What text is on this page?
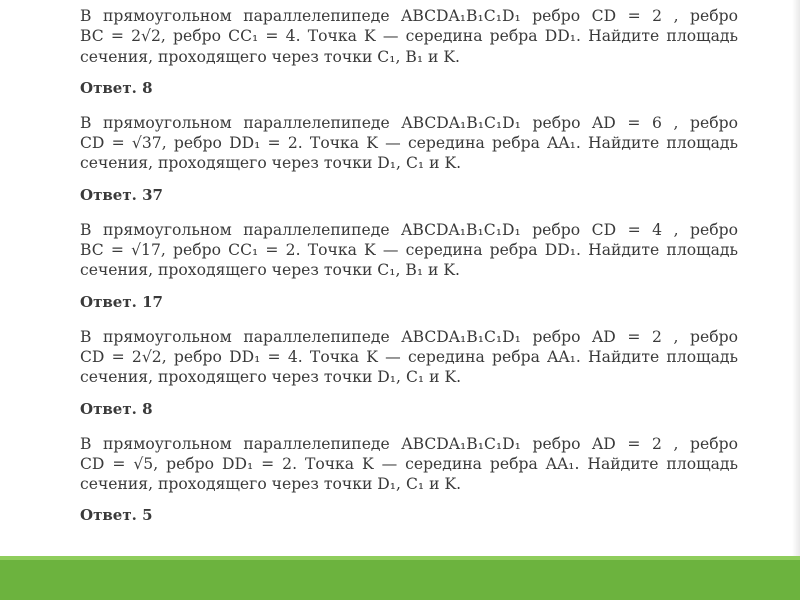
В прямоугольном параллелепипеде ABCDA₁B₁C₁D₁ ребро CD = 2 , ребро
BC = 2√2, ребро CC₁ = 4. Точка K — середина ребра DD₁. Найдите площадь
сечения, проходящего через точки C₁, B₁ и K.

Ответ. 8

В прямоугольном параллелепипеде ABCDA₁B₁C₁D₁ ребро AD = 6 , ребро
CD = √37, ребро DD₁ = 2. Точка K — середина ребра AA₁. Найдите площадь
сечения, проходящего через точки D₁, C₁ и K.

Ответ. 37

В прямоугольном параллелепипеде ABCDA₁B₁C₁D₁ ребро CD = 4 , ребро
BC = √17, ребро CC₁ = 2. Точка K — середина ребра DD₁. Найдите площадь
сечения, проходящего через точки C₁, B₁ и K.

Ответ. 17

В прямоугольном параллелепипеде ABCDA₁B₁C₁D₁ ребро AD = 2 , ребро
CD = 2√2, ребро DD₁ = 4. Точка K — середина ребра AA₁. Найдите площадь
сечения, проходящего через точки D₁, C₁ и K.

Ответ. 8

В прямоугольном параллелепипеде ABCDA₁B₁C₁D₁ ребро AD = 2 , ребро
CD = √5, ребро DD₁ = 2. Точка K — середина ребра AA₁. Найдите площадь
сечения, проходящего через точки D₁, C₁ и K.

Ответ. 5
